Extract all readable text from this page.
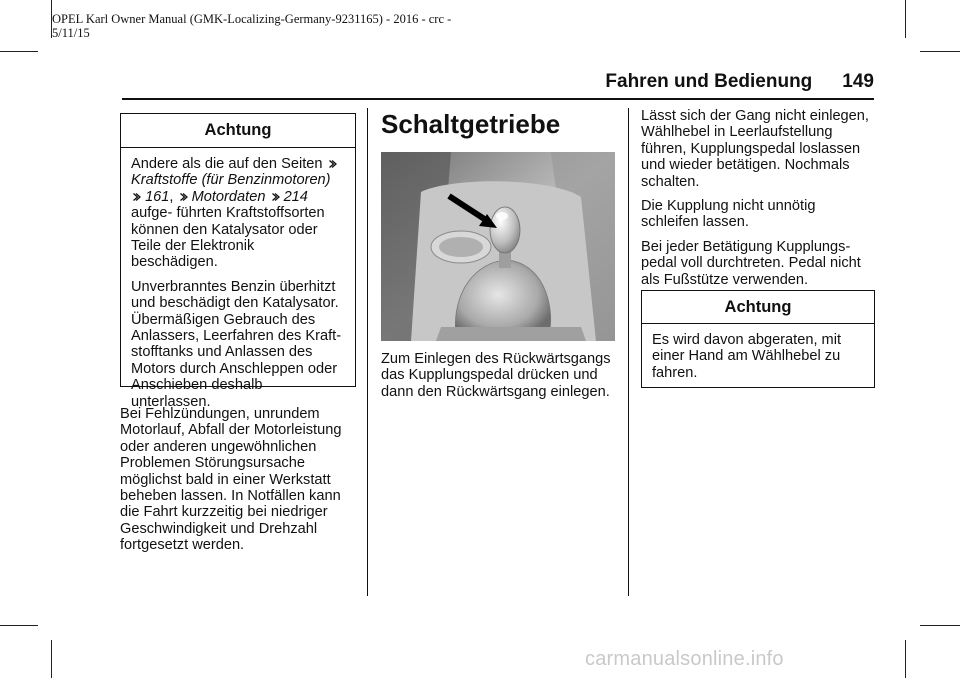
OPEL Karl Owner Manual (GMK-Localizing-Germany-9231165) - 2016 - crc -
5/11/15
Fahren und Bedienung 149
Achtung

Andere als die auf den Seiten

Kraftstoffe (für Benzinmotoren)

161, Motordaten 214 aufge- führten Kraftstoffsorten können den Katalysator oder Teile der Elektronik beschädigen.

Unverbranntes Benzin überhitzt und beschädigt den Katalysator. Übermäßigen Gebrauch des Anlassers, Leerfahren des Kraft-stofftanks und Anlassen des Motors durch Anschleppen oder Anschieben deshalb unterlassen.

Bei Fehlzündungen, unrundem Motorlauf, Abfall der Motorleistung oder anderen ungewöhnlichen Problemen Störungsursache möglichst bald in einer Werkstatt beheben lassen. In Notfällen kann die Fahrt kurzzeitig bei niedriger Geschwindigkeit und Drehzahl fortgesetzt werden.

Schaltgetriebe

Zum Einlegen des Rückwärtsgangs das Kupplungspedal drücken und dann den Rückwärtsgang einlegen.

Lässt sich der Gang nicht einlegen, Wählhebel in Leerlaufstellung führen, Kupplungspedal loslassen und wieder betätigen. Nochmals schalten.

Die Kupplung nicht unnötig schleifen lassen.

Bei jeder Betätigung Kupplungs-pedal voll durchtreten. Pedal nicht als Fußstütze verwenden.

Achtung

Es wird davon abgeraten, mit einer Hand am Wählhebel zu fahren.

carmanualsonline.info
